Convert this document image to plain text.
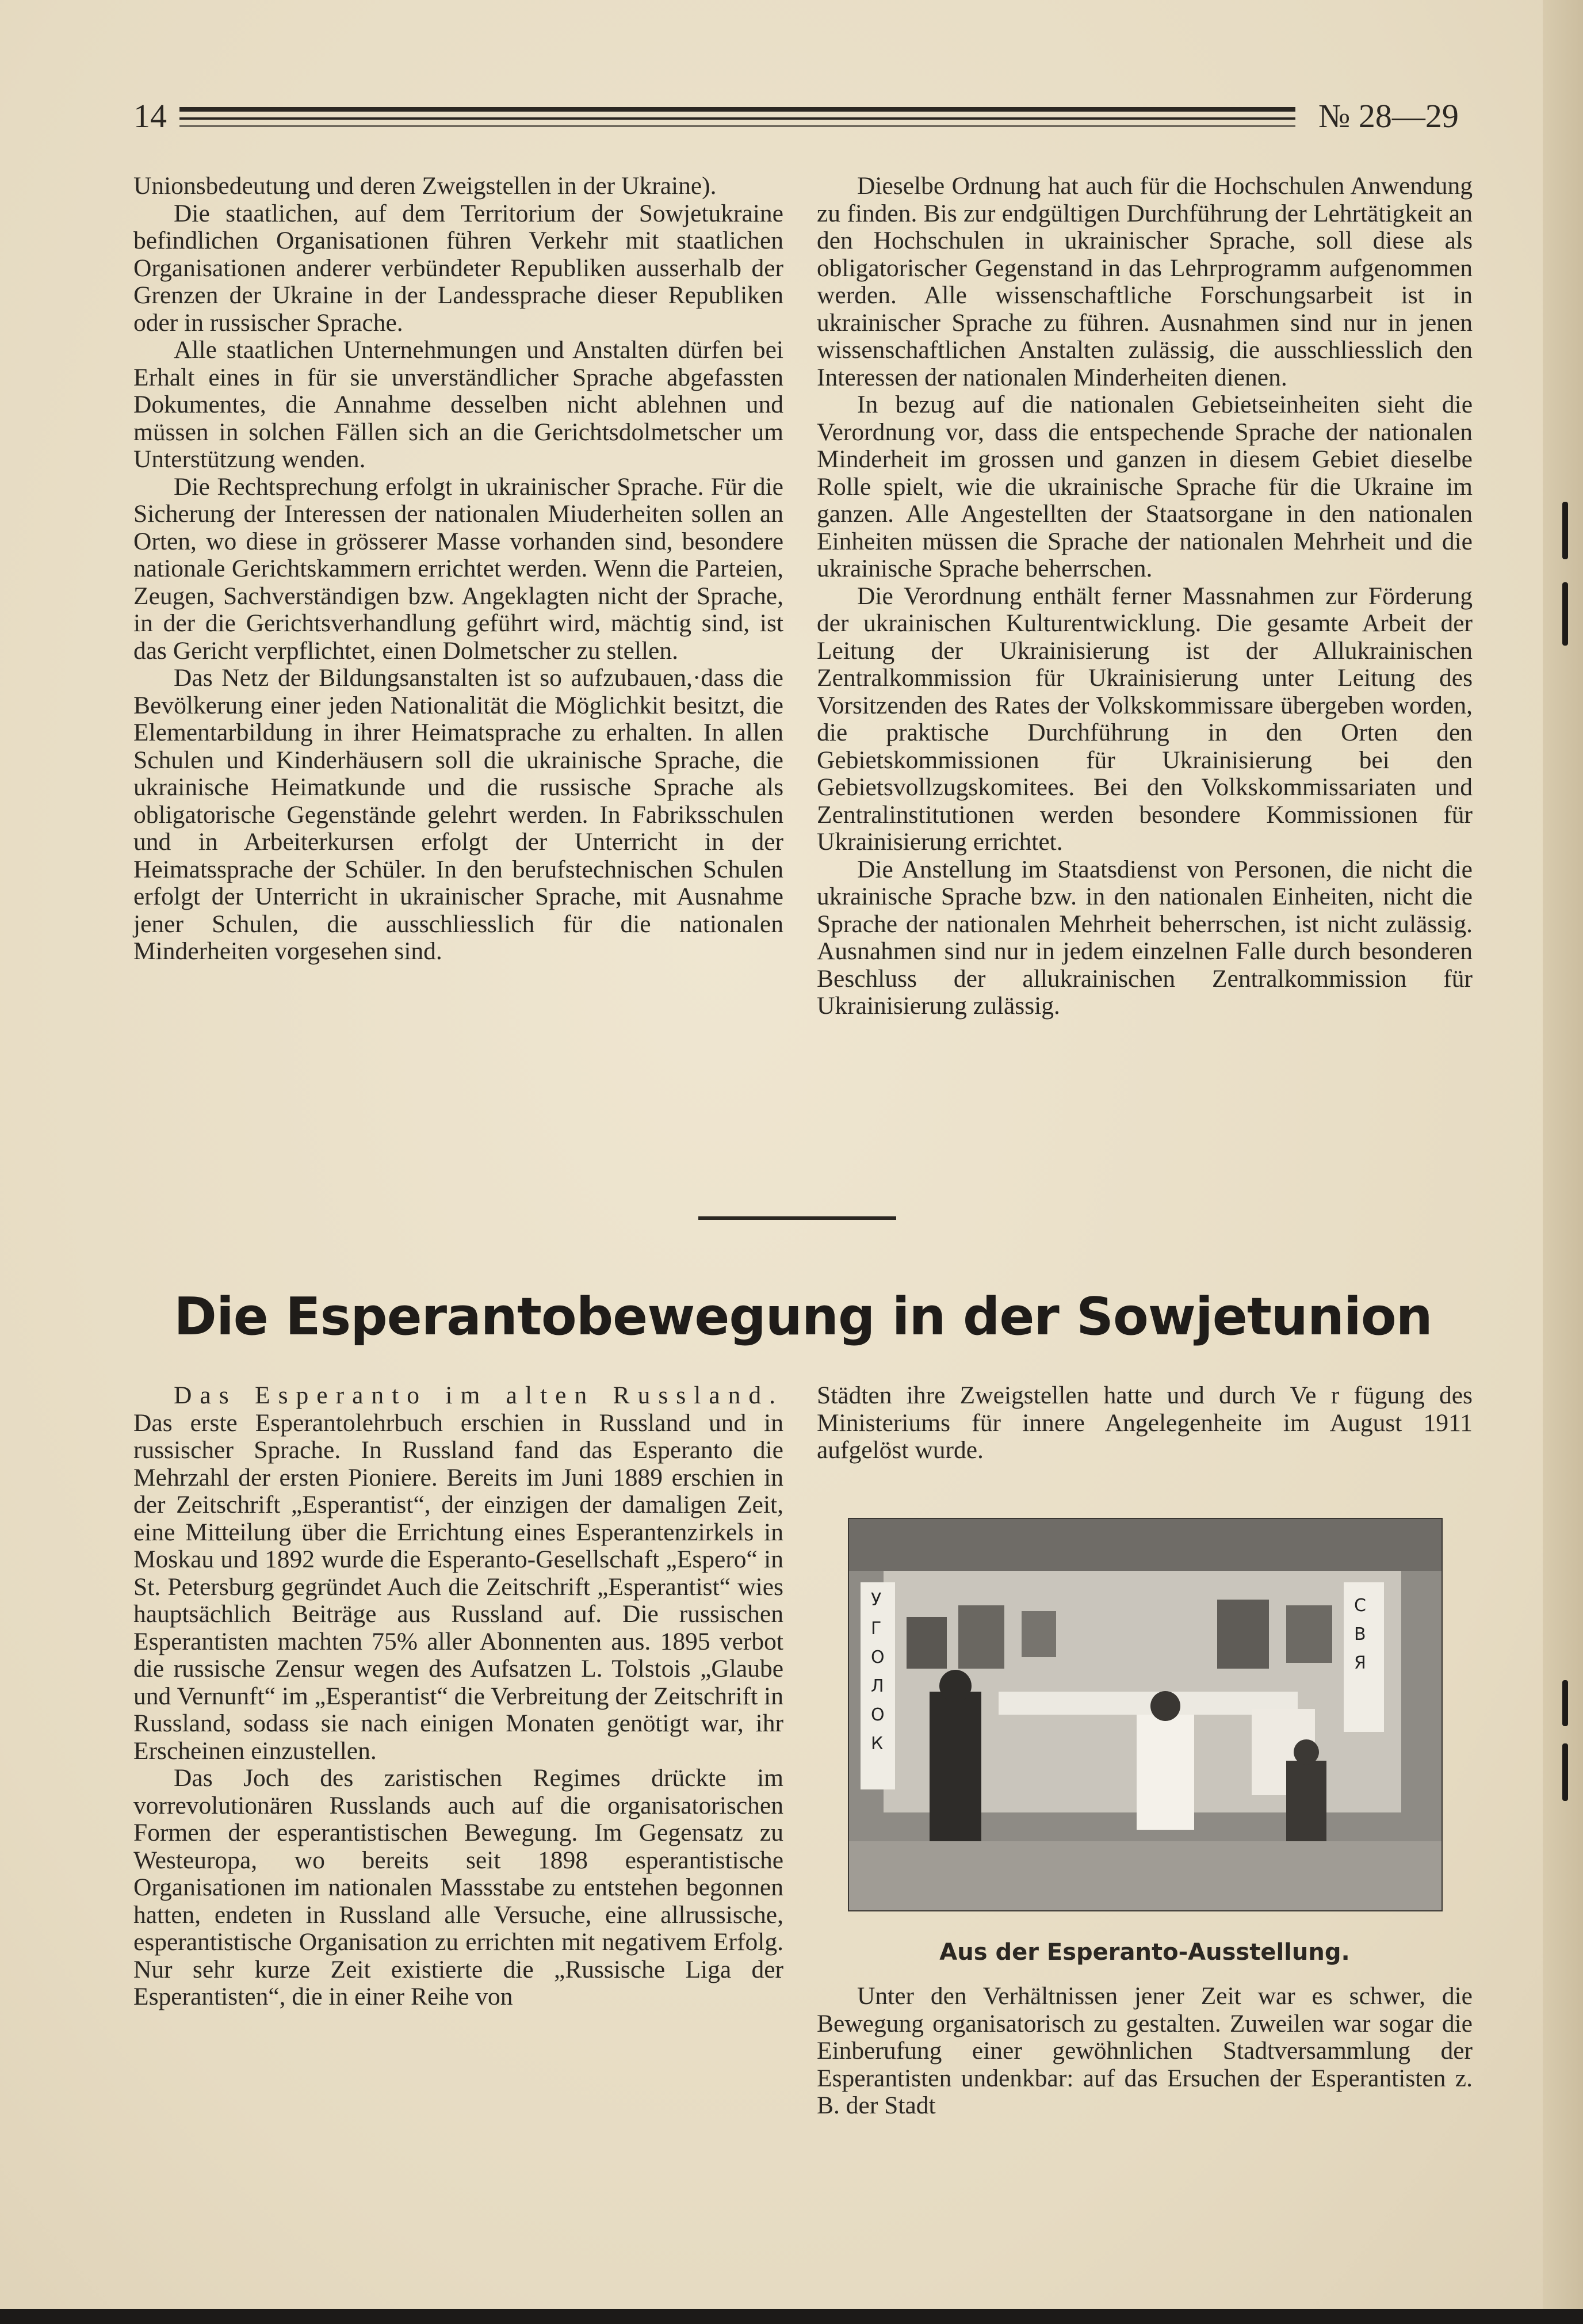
14	№ 28—29

Unionsbedeutung und deren Zweigstellen in der Ukraine).

Die staatlichen, auf dem Territorium der Sowjetukraine befindlichen Organisationen führen Verkehr mit staatlichen Organisationen anderer verbündeter Republiken ausserhalb der Grenzen der Ukraine in der Landessprache dieser Republiken oder in russischer Sprache.

Alle staatlichen Unternehmungen und Anstalten dürfen bei Erhalt eines in für sie unverständlicher Sprache abgefassten Dokumentes, die Annahme desselben nicht ablehnen und müssen in solchen Fällen sich an die Gerichtsdolmetscher um Unterstützung wenden.

Die Rechtsprechung erfolgt in ukrainischer Sprache. Für die Sicherung der Interessen der nationalen Miuderheiten sollen an Orten, wo diese in grösserer Masse vorhanden sind, besondere nationale Gerichtskammern errichtet werden. Wenn die Parteien, Zeugen, Sachverständigen bzw. Angeklagten nicht der Sprache, in der die Gerichtsverhandlung geführt wird, mächtig sind, ist das Gericht verpflichtet, einen Dolmetscher zu stellen.

Das Netz der Bildungsanstalten ist so aufzubauen,·dass die Bevölkerung einer jeden Nationalität die Möglichkit besitzt, die Elementarbildung in ihrer Heimatsprache zu erhalten. In allen Schulen und Kinderhäusern soll die ukrainische Sprache, die ukrainische Heimatkunde und die russische Sprache als obligatorische Gegenstände gelehrt werden. In Fabriksschulen und in Arbeiterkursen erfolgt der Unterricht in der Heimatssprache der Schüler. In den berufstechnischen Schulen erfolgt der Unterricht in ukrainischer Sprache, mit Ausnahme jener Schulen, die ausschliesslich für die nationalen Minderheiten vorgesehen sind.

Dieselbe Ordnung hat auch für die Hochschulen Anwendung zu finden. Bis zur endgültigen Durchführung der Lehrtätigkeit an den Hochschulen in ukrainischer Sprache, soll diese als obligatorischer Gegenstand in das Lehrprogramm aufgenommen werden. Alle wissenschaftliche Forschungsarbeit ist in ukrainischer Sprache zu führen. Ausnahmen sind nur in jenen wissenschaftlichen Anstalten zulässig, die ausschliesslich den Interessen der nationalen Minderheiten dienen.

In bezug auf die nationalen Gebietseinheiten sieht die Verordnung vor, dass die entspechende Sprache der nationalen Minderheit im grossen und ganzen in diesem Gebiet dieselbe Rolle spielt, wie die ukrainische Sprache für die Ukraine im ganzen. Alle Angestellten der Staatsorgane in den nationalen Einheiten müssen die Sprache der nationalen Mehrheit und die ukrainische Sprache beherrschen.

Die Verordnung enthält ferner Massnahmen zur Förderung der ukrainischen Kulturentwicklung. Die gesamte Arbeit der Leitung der Ukrainisierung ist der Allukrainischen Zentralkommission für Ukrainisierung unter Leitung des Vorsitzenden des Rates der Volkskommissare übergeben worden, die praktische Durchführung in den Orten den Gebietskommissionen für Ukrainisierung bei den Gebietsvollzugskomitees. Bei den Volkskommissariaten und Zentralinstitutionen werden besondere Kommissionen für Ukrainisierung errichtet.

Die Anstellung im Staatsdienst von Personen, die nicht die ukrainische Sprache bzw. in den nationalen Einheiten, nicht die Sprache der nationalen Mehrheit beherrschen, ist nicht zulässig. Ausnahmen sind nur in jedem einzelnen Falle durch besonderen Beschluss der allukrainischen Zentralkommission für Ukrainisierung zulässig.

Die Esperantobewegung in der Sowjetunion

Das Esperanto im alten Russland. Das erste Esperantolehrbuch erschien in Russland und in russischer Sprache. In Russland fand das Esperanto die Mehrzahl der ersten Pioniere. Bereits im Juni 1889 erschien in der Zeitschrift „Esperantist“, der einzigen der damaligen Zeit, eine Mitteilung über die Errichtung eines Esperantenzirkels in Moskau und 1892 wurde die Esperanto-Gesellschaft „Espero“ in St. Petersburg gegründet Auch die Zeitschrift „Esperantist“ wies hauptsächlich Beiträge aus Russland auf. Die russischen Esperantisten machten 75% aller Abonnenten aus. 1895 verbot die russische Zensur wegen des Aufsatzen L. Tolstois „Glaube und Vernunft“ im „Esperantist“ die Verbreitung der Zeitschrift in Russland, sodass sie nach einigen Monaten genötigt war, ihr Erscheinen einzustellen.

Das Joch des zaristischen Regimes drückte im vorrevolutionären Russlands auch auf die organisatorischen Formen der esperantistischen Bewegung. Im Gegensatz zu Westeuropa, wo bereits seit 1898 esperantistische Organisationen im nationalen Massstabe zu entstehen begonnen hatten, endeten in Russland alle Versuche, eine allrussische, esperantistische Organisation zu errichten mit negativem Erfolg. Nur sehr kurze Zeit existierte die „Russische Liga der Esperantisten“, die in einer Reihe von

Städten ihre Zweigstellen hatte und durch Ve r fügung des Ministeriums für innere Angelegenheite im August 1911 aufgelöst wurde.

У
Г
О
Л
О
К
С
В
Я
Aus der Esperanto-Ausstellung.

Unter den Verhältnissen jener Zeit war es schwer, die Bewegung organisatorisch zu gestalten. Zuweilen war sogar die Einberufung einer gewöhnlichen Stadtversammlung der Esperantisten undenkbar: auf das Ersuchen der Esperantisten z. B. der Stadt
